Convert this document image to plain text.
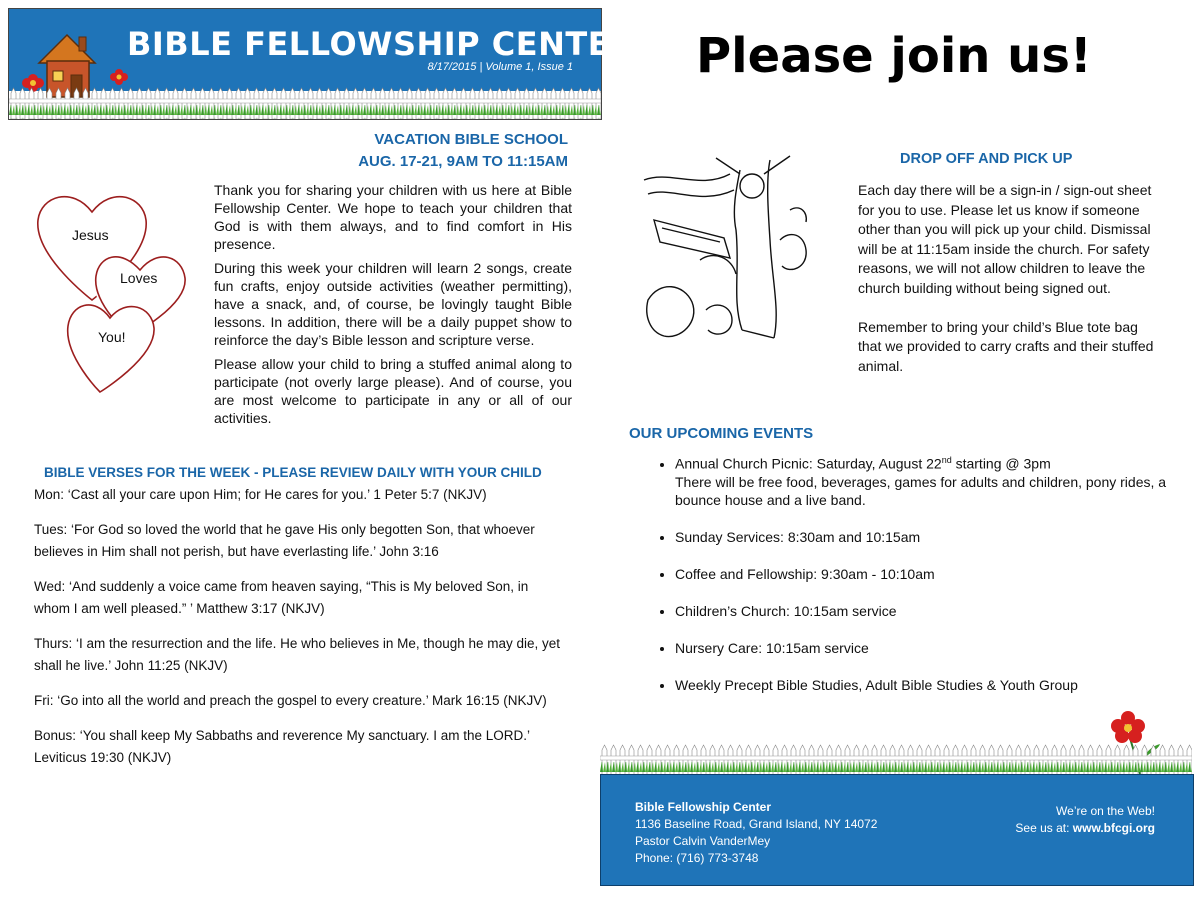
BIBLE FELLOWSHIP CENTER
8/17/2015 | Volume 1, Issue 1	Please join us!
VACATION BIBLE SCHOOL
AUG. 17-21, 9AM TO 11:15AM
Jesus
Loves
You!

Thank you for sharing your children with us here at Bible Fellowship Center. We hope to teach your children that God is with them always, and to find comfort in His presence.

During this week your children will learn 2 songs, create fun crafts, enjoy outside activities (weather permitting), have a snack, and, of course, be lovingly taught Bible lessons. In addition, there will be a daily puppet show to reinforce the day’s Bible lesson and scripture verse.

Please allow your child to bring a stuffed animal along to participate (not overly large please). And of course, you are most welcome to participate in any or all of our activities.

BIBLE VERSES FOR THE WEEK - PLEASE REVIEW DAILY WITH YOUR CHILD

Mon: ‘Cast all your care upon Him; for He cares for you.’ 1 Peter 5:7 (NKJV)

Tues: ‘For God so loved the world that he gave His only begotten Son, that whoever believes in Him shall not perish, but have everlasting life.’ John 3:16

Wed: ‘And suddenly a voice came from heaven saying, “This is My beloved Son, in whom I am well pleased.” ’ Matthew 3:17 (NKJV)

Thurs: ‘I am the resurrection and the life. He who believes in Me, though he may die, yet shall he live.’ John 11:25 (NKJV)

Fri: ‘Go into all the world and preach the gospel to every creature.’ Mark 16:15 (NKJV)

Bonus: ‘You shall keep My Sabbaths and reverence My sanctuary. I am the LORD.’ Leviticus 19:30 (NKJV)

DROP OFF AND PICK UP

Each day there will be a sign-in / sign-out sheet for you to use. Please let us know if someone other than you will pick up your child. Dismissal will be at 11:15am inside the church. For safety reasons, we will not allow children to leave the church building without being signed out.

Remember to bring your child’s Blue tote bag that we provided to carry crafts and their stuffed animal.

OUR UPCOMING EVENTS
• Annual Church Picnic: Saturday, August 22nd starting @ 3pm
There will be free food, beverages, games for adults and children, pony rides, a bounce house and a live band.
• Sunday Services: 8:30am and 10:15am
• Coffee and Fellowship: 9:30am - 10:10am
• Children’s Church: 10:15am service
• Nursery Care: 10:15am service
• Weekly Precept Bible Studies, Adult Bible Studies & Youth Group
Bible Fellowship Center
1136 Baseline Road, Grand Island, NY 14072
Pastor Calvin VanderMey
Phone: (716) 773-3748
We’re on the Web!
See us at: www.bfcgi.org
